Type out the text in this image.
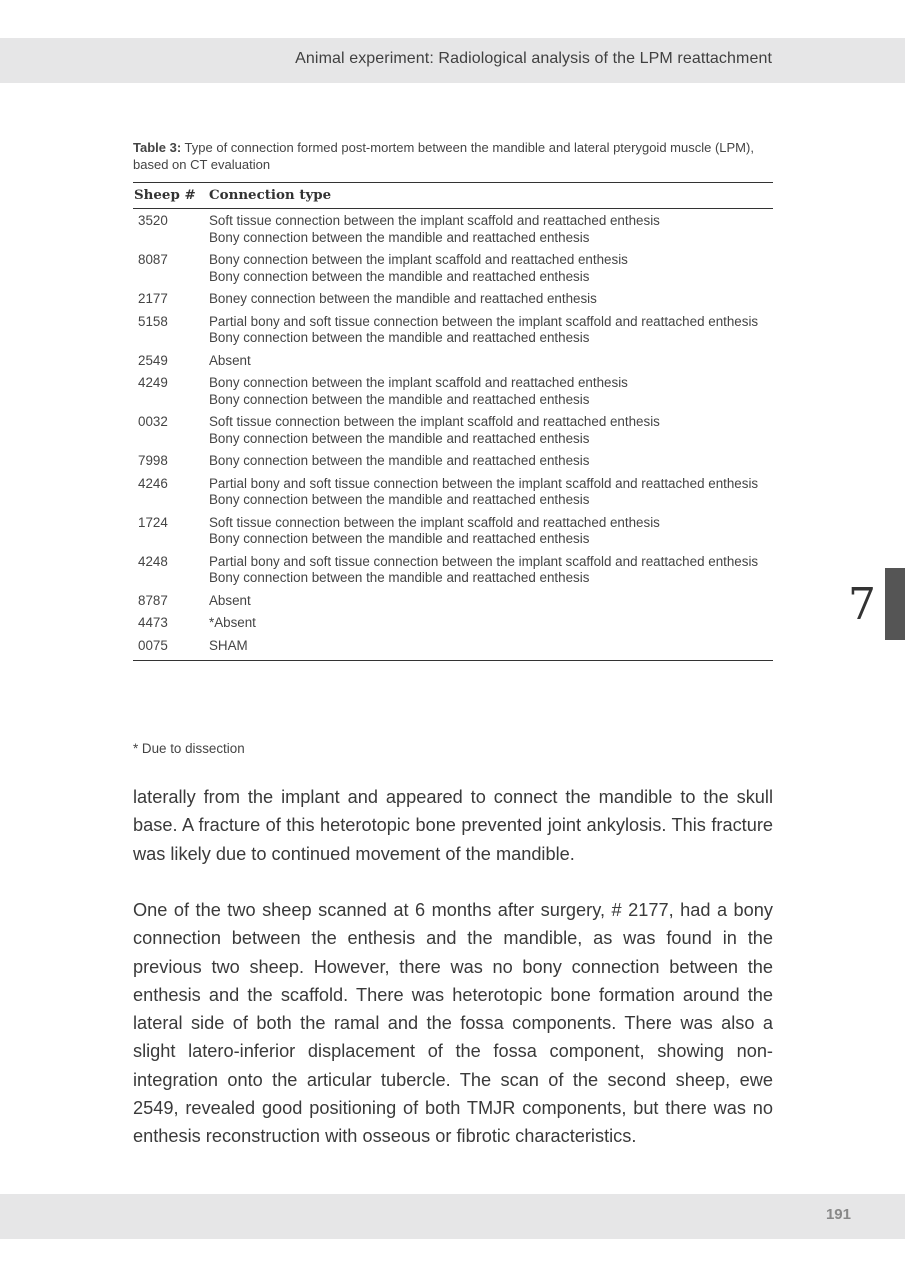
Animal experiment: Radiological analysis of the LPM reattachment
Table 3: Type of connection formed post-mortem between the mandible and lateral pterygoid muscle (LPM), based on CT evaluation
Sheep #	Connection type
3520	Soft tissue connection between the implant scaffold and reattached enthesis
Bony connection between the mandible and reattached enthesis

8087	Bony connection between the implant scaffold and reattached enthesis
Bony connection between the mandible and reattached enthesis

2177	Boney connection between the mandible and reattached enthesis

5158	Partial bony and soft tissue connection between the implant scaffold and reattached enthesis
Bony connection between the mandible and reattached enthesis

2549	Absent

4249	Bony connection between the implant scaffold and reattached enthesis
Bony connection between the mandible and reattached enthesis

0032	Soft tissue connection between the implant scaffold and reattached enthesis
Bony connection between the mandible and reattached enthesis

7998	Bony connection between the mandible and reattached enthesis

4246	Partial bony and soft tissue connection between the implant scaffold and reattached enthesis
Bony connection between the mandible and reattached enthesis

1724	Soft tissue connection between the implant scaffold and reattached enthesis
Bony connection between the mandible and reattached enthesis

4248	Partial bony and soft tissue connection between the implant scaffold and reattached enthesis
Bony connection between the mandible and reattached enthesis

8787	Absent

4473	*Absent

0075	SHAM
* Due to dissection

laterally from the implant and appeared to connect the mandible to the skull base. A fracture of this heterotopic bone prevented joint ankylosis. This fracture was likely due to continued movement of the mandible.

One of the two sheep scanned at 6 months after surgery, # 2177, had a bony connection between the enthesis and the mandible, as was found in the previous two sheep. However, there was no bony connection between the enthesis and the scaffold. There was heterotopic bone formation around the lateral side of both the ramal and the fossa components. There was also a slight latero-inferior displacement of the fossa component, showing non-integration onto the articular tubercle. The scan of the second sheep, ewe 2549, revealed good positioning of both TMJR components, but there was no enthesis reconstruction with osseous or fibrotic characteristics.

7
191
